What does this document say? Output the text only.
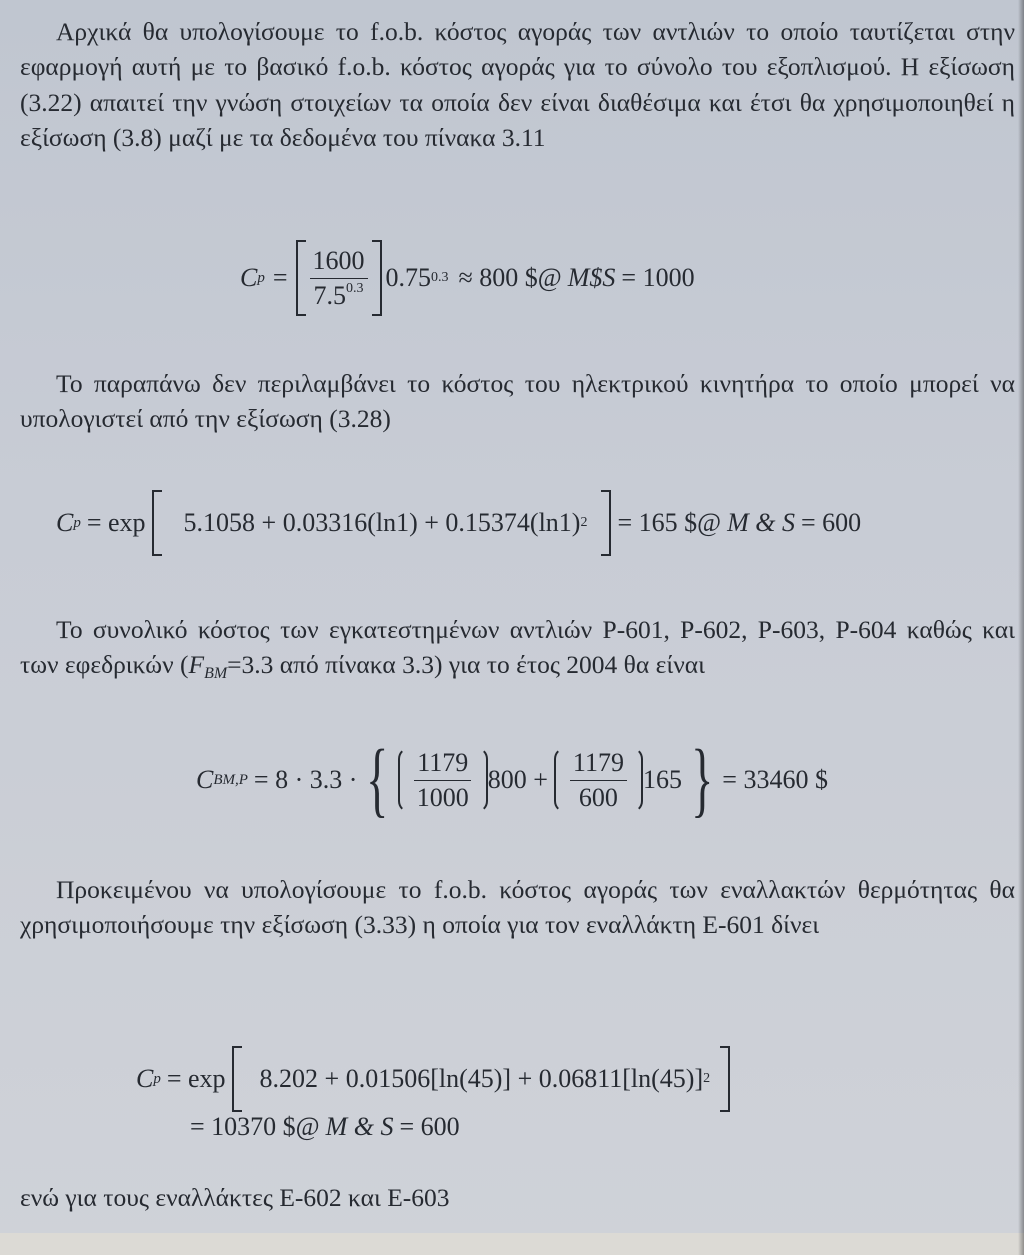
Αρχικά θα υπολογίσουμε το f.o.b. κόστος αγοράς των αντλιών το οποίο ταυτίζεται στην εφαρμογή αυτή με το βασικό f.o.b. κόστος αγοράς για το σύνολο του εξοπλισμού. Η εξίσωση (3.22) απαιτεί την γνώση στοιχείων τα οποία δεν είναι διαθέσιμα και έτσι θα χρησιμοποιηθεί η εξίσωση (3.8) μαζί με τα δεδομένα του πίνακα 3.11
C $p = \frac{1600}{7.5^{0.3}} 0.75$ 0.3 ≈ 800 $@ M$S = 1000
Το παραπάνω δεν περιλαμβάνει το κόστος του ηλεκτρικού κινητήρα το οποίο μπορεί να υπολογιστεί από την εξίσωση (3.28)
C p = exp 5.1058 + 0.03316(ln1) + 0.15374(ln1) 2 = 165 $@ M & S = 600
Το συνολικό κόστος των εγκατεστημένων αντλιών P-601, P-602, P-603, P-604 καθώς και των εφεδρικών (FBM=3.3 από πίνακα 3.3) για το έτος 2004 θα είναι
C BM,P = 8 · 3.3 · { $\frac{1179}{1000} 800 + \frac{1179}{600} 165$ } = 33460 $
Προκειμένου να υπολογίσουμε το f.o.b. κόστος αγοράς των εναλλακτών θερμότητας θα χρησιμοποιήσουμε την εξίσωση (3.33) η οποία για τον εναλλάκτη E-601 δίνει
C p = exp 8.202 + 0.01506[ln(45)] + 0.06811[ln(45)] 2
= 10370 $@ M & S = 600
ενώ για τους εναλλάκτες E-602 και E-603
